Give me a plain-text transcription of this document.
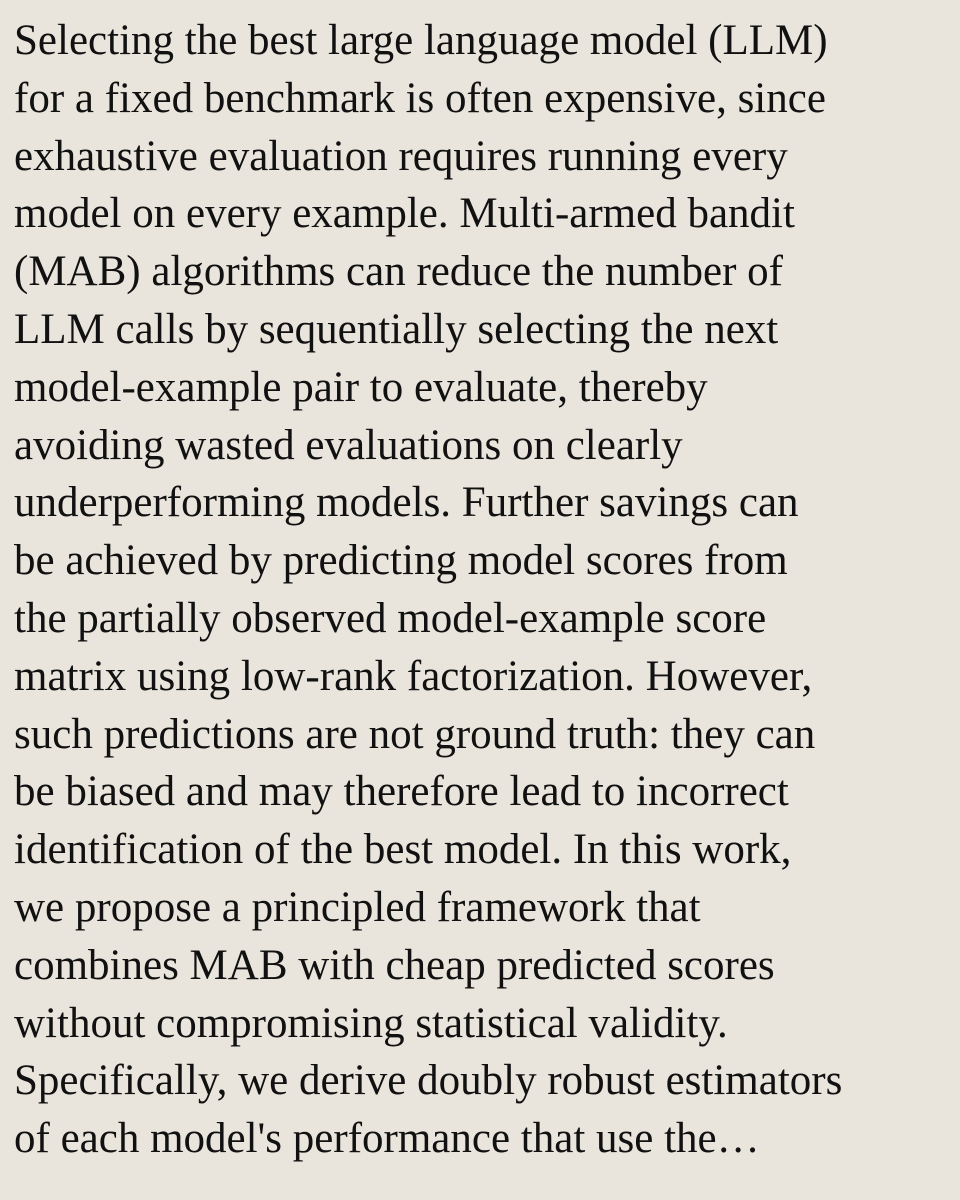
Selecting the best large language model (LLM)
for a fixed benchmark is often expensive, since
exhaustive evaluation requires running every
model on every example. Multi-armed bandit
(MAB) algorithms can reduce the number of
LLM calls by sequentially selecting the next
model-example pair to evaluate, thereby
avoiding wasted evaluations on clearly
underperforming models. Further savings can
be achieved by predicting model scores from
the partially observed model-example score
matrix using low-rank factorization. However,
such predictions are not ground truth: they can
be biased and may therefore lead to incorrect
identification of the best model. In this work,
we propose a principled framework that
combines MAB with cheap predicted scores
without compromising statistical validity.
Specifically, we derive doubly robust estimators
of each model's performance that use the…
